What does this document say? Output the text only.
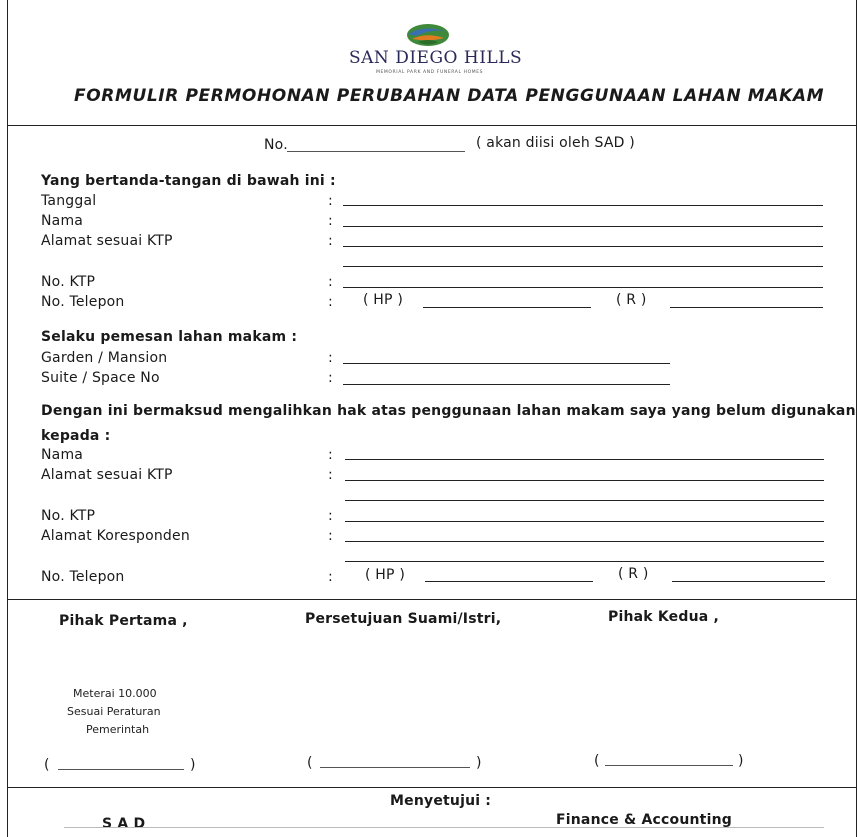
SAN DIEGO HILLS
MEMORIAL PARK AND FUNERAL HOMES
FORMULIR PERMOHONAN PERUBAHAN DATA PENGGUNAAN LAHAN MAKAM
No.	( akan diisi oleh SAD )
Yang bertanda-tangan di bawah ini :
Tanggal	:
Nama	:
Alamat sesuai KTP	:
No. KTP	:
No. Telepon	: ( HP )	( R )
Selaku pemesan lahan makam :
Garden / Mansion	:
Suite / Space No	:
Dengan ini bermaksud mengalihkan hak atas penggunaan lahan makam saya yang belum digunakan
kepada :
Nama	:
Alamat sesuai KTP	:
No. KTP	:
Alamat Koresponden	:
No. Telepon	: ( HP )	( R )
Pihak Pertama ,	Persetujuan Suami/Istri,	Pihak Kedua ,
Meterai 10.000
Sesuai Peraturan
Pemerintah
(	)	(	)	(	)
Menyetujui :
S A D	Finance & Accounting
